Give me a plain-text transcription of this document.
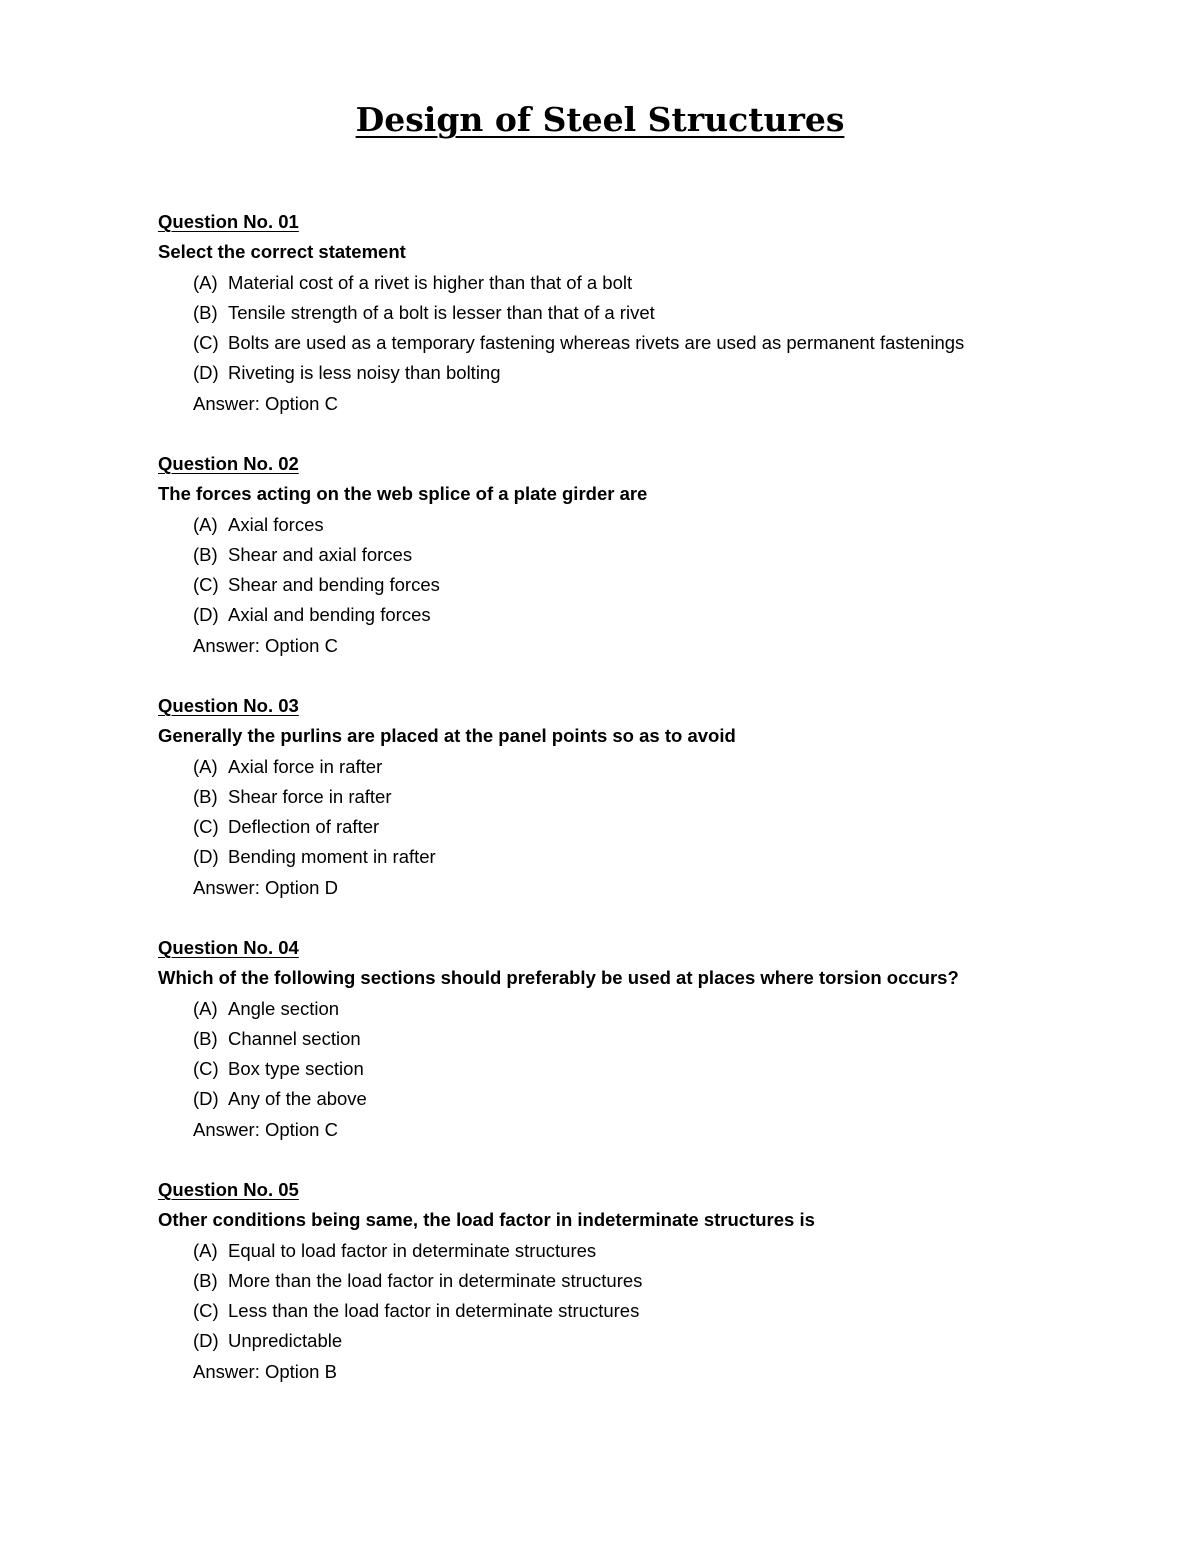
Design of Steel Structures
Question No. 01
Select the correct statement
(A) Material cost of a rivet is higher than that of a bolt
(B) Tensile strength of a bolt is lesser than that of a rivet
(C) Bolts are used as a temporary fastening whereas rivets are used as permanent fastenings
(D) Riveting is less noisy than bolting
Answer: Option C
Question No. 02
The forces acting on the web splice of a plate girder are
(A) Axial forces
(B) Shear and axial forces
(C) Shear and bending forces
(D) Axial and bending forces
Answer: Option C
Question No. 03
Generally the purlins are placed at the panel points so as to avoid
(A) Axial force in rafter
(B) Shear force in rafter
(C) Deflection of rafter
(D) Bending moment in rafter
Answer: Option D
Question No. 04
Which of the following sections should preferably be used at places where torsion occurs?
(A) Angle section
(B) Channel section
(C) Box type section
(D) Any of the above
Answer: Option C
Question No. 05
Other conditions being same, the load factor in indeterminate structures is
(A) Equal to load factor in determinate structures
(B) More than the load factor in determinate structures
(C) Less than the load factor in determinate structures
(D) Unpredictable
Answer: Option B
